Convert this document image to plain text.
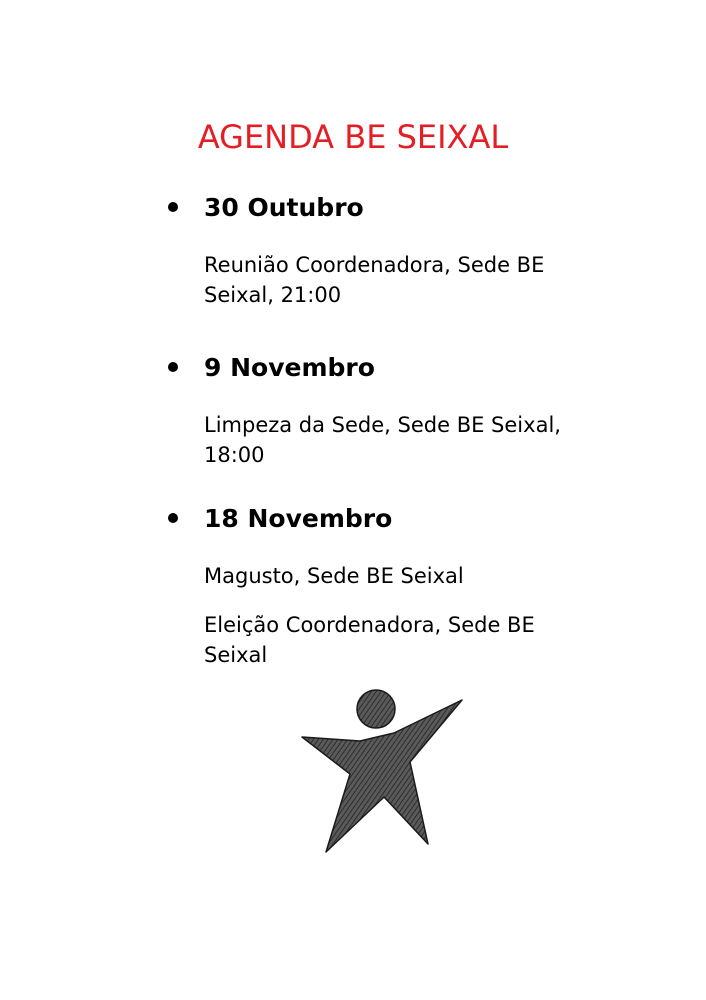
AGENDA BE SEIXAL
30 Outubro

Reunião Coordenadora, Sede BE Seixal, 21:00

9 Novembro

Limpeza da Sede, Sede BE Seixal, 18:00

18 Novembro

Magusto, Sede BE Seixal

Eleição Coordenadora, Sede BE Seixal
